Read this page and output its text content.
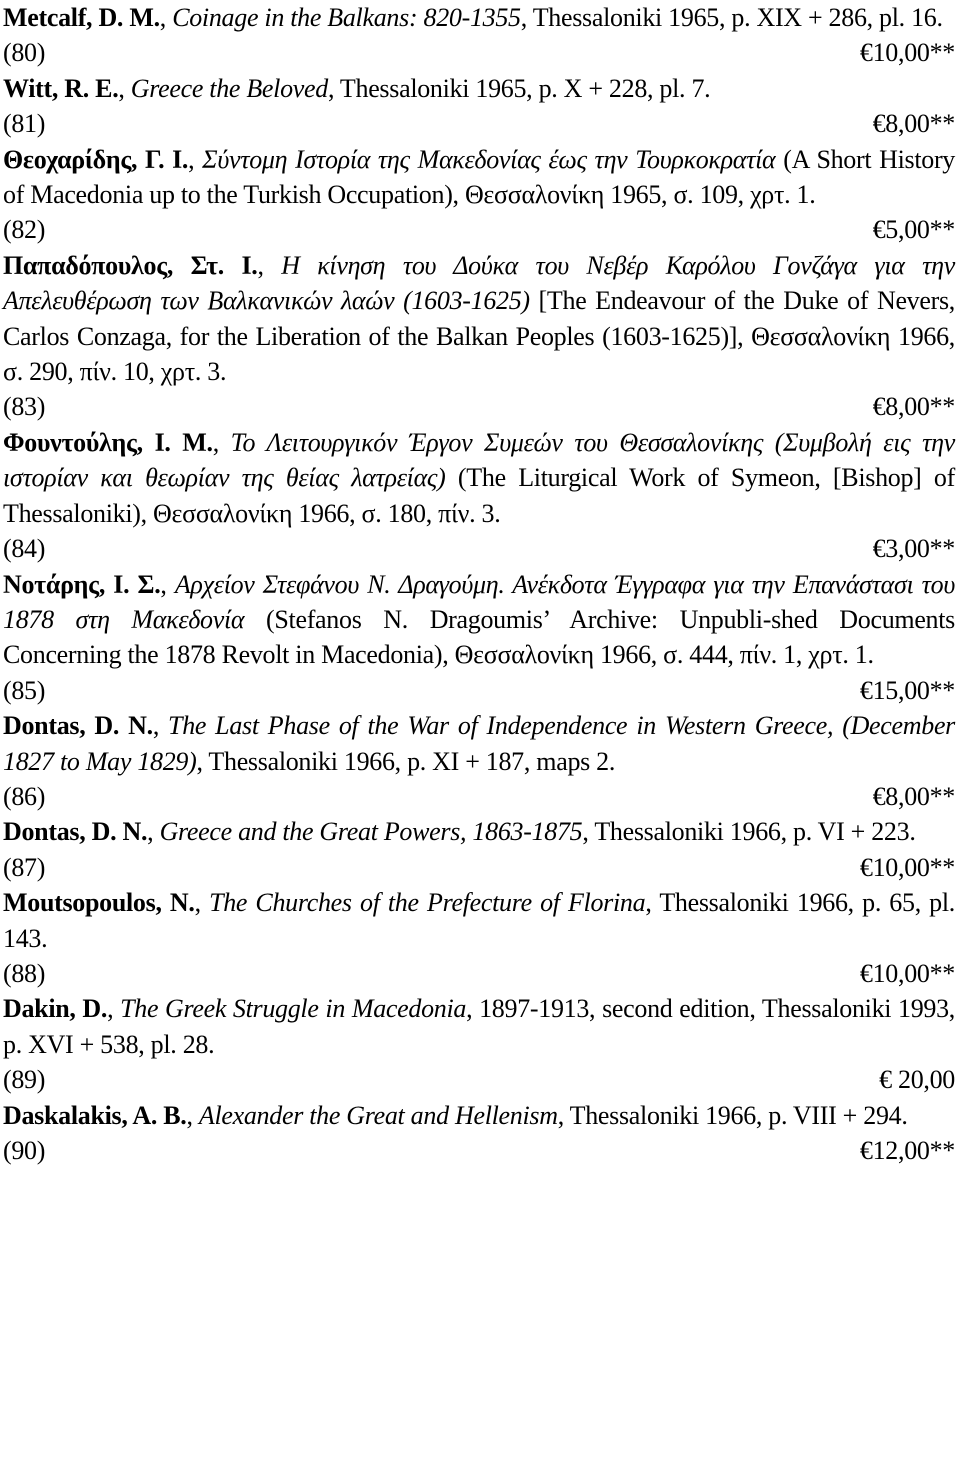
Metcalf, D. M., Coinage in the Balkans: 820-1355, Thessaloniki 1965, p. XIX + 286, pl. 16.
(80)	€10,00**
Witt, R. E., Greece the Beloved, Thessaloniki 1965, p. X + 228, pl. 7.
(81)	€8,00**
Θεοχαρίδης, Γ. Ι., Σύντομη Ιστορία της Μακεδονίας έως την Τουρκοκρατία (A Short History of Macedonia up to the Turkish Occupation), Θεσσαλονίκη 1965, σ. 109, χρτ. 1.
(82)	€5,00**
Παπαδόπουλος, Στ. Ι., Η κίνηση του Δούκα του Νεβέρ Καρόλου Γονζάγα για την Απελευθέρωση των Βαλκανικών λαών (1603-1625) [The Endeavour of the Duke of Nevers, Carlos Conzaga, for the Liberation of the Balkan Peoples (1603-1625)], Θεσσαλονίκη 1966, σ. 290, πίν. 10, χρτ. 3.
(83)	€8,00**
Φουντούλης, Ι. Μ., Το Λειτουργικόν Έργον Συμεών του Θεσσαλονίκης (Συμβολή εις την ιστορίαν και θεωρίαν της θείας λατρείας) (The Liturgical Work of Symeon, [Bishop] of Thessaloniki), Θεσσαλονίκη 1966, σ. 180, πίν. 3.
(84)	€3,00**
Νοτάρης, Ι. Σ., Αρχείον Στεφάνου Ν. Δραγούμη. Ανέκδοτα Έγγραφα για την Επανάστασι του 1878 στη Μακεδονία (Stefanos N. Dragoumis’ Archive: Unpubli-shed Documents Concerning the 1878 Revolt in Macedonia), Θεσσαλονίκη 1966, σ. 444, πίν. 1, χρτ. 1.
(85)	€15,00**
Dontas, D. N., The Last Phase of the War of Independence in Western Greece, (December 1827 to May 1829), Thessaloniki 1966, p. XI + 187, maps 2.
(86)	€8,00**
Dontas, D. N., Greece and the Great Powers, 1863-1875, Thessaloniki 1966, p. VI + 223.
(87)	€10,00**
Moutsopoulos, N., The Churches of the Prefecture of Florina, Thessaloniki 1966, p. 65, pl. 143.
(88)	€10,00**
Dakin, D., The Greek Struggle in Macedonia, 1897-1913, second edition, Thessaloniki 1993, p. XVI + 538, pl. 28.
(89)	€ 20,00
Daskalakis, A. B., Alexander the Great and Hellenism, Thessaloniki 1966, p. VIII + 294.
(90)	€12,00**
